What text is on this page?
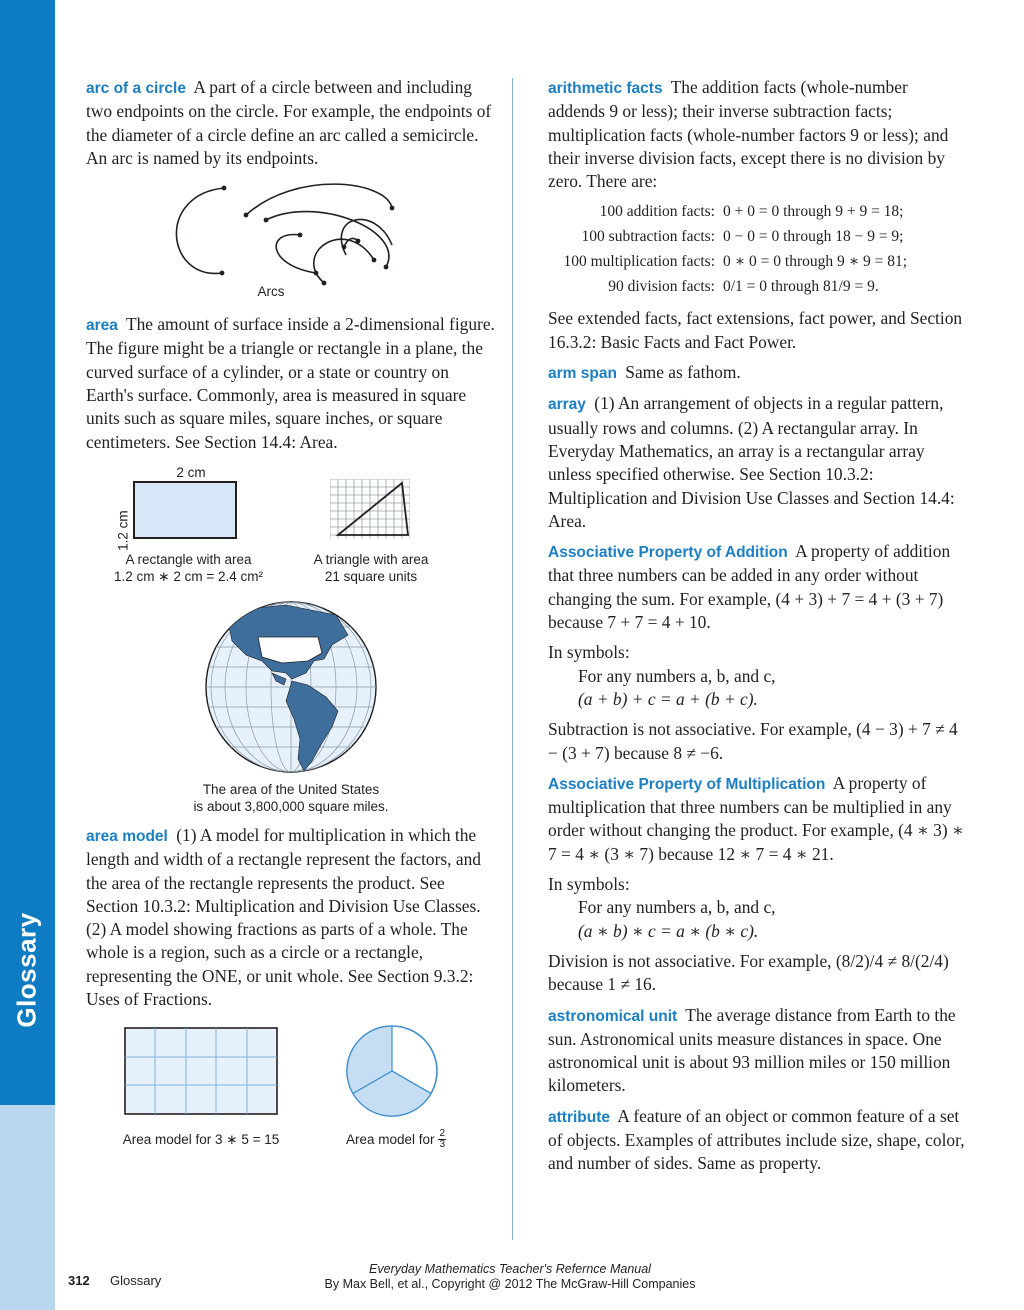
Glossary
arc of a circle A part of a circle between and including two endpoints on the circle. For example, the endpoints of the diameter of a circle define an arc called a semicircle. An arc is named by its endpoints.
Arcs
area The amount of surface inside a 2-dimensional figure. The figure might be a triangle or rectangle in a plane, the curved surface of a cylinder, or a state or country on Earth's surface. Commonly, area is measured in square units such as square miles, square inches, or square centimeters. See Section 14.4: Area.
2 cm
1.2 cm
A rectangle with area
1.2 cm ∗ 2 cm = 2.4 cm²
A triangle with area
21 square units
The area of the United States
is about 3,800,000 square miles.
area model (1) A model for multiplication in which the length and width of a rectangle represent the factors, and the area of the rectangle represents the product. See Section 10.3.2: Multiplication and Division Use Classes. (2) A model showing fractions as parts of a whole. The whole is a region, such as a circle or a rectangle, representing the ONE, or unit whole. See Section 9.3.2: Uses of Fractions.
Area model for 3 ∗ 5 = 15	Area model for $\frac{2}{3}$
arithmetic facts The addition facts (whole-number addends 9 or less); their inverse subtraction facts; multiplication facts (whole-number factors 9 or less); and their inverse division facts, except there is no division by zero. There are:
100 addition facts: 0 + 0 = 0 through 9 + 9 = 18;
100 subtraction facts: 0 − 0 = 0 through 18 − 9 = 9;
100 multiplication facts: 0 ∗ 0 = 0 through 9 ∗ 9 = 81;
90 division facts: 0/1 = 0 through 81/9 = 9.
See extended facts, fact extensions, fact power, and Section 16.3.2: Basic Facts and Fact Power.
arm span Same as fathom.
array (1) An arrangement of objects in a regular pattern, usually rows and columns. (2) A rectangular array. In Everyday Mathematics, an array is a rectangular array unless specified otherwise. See Section 10.3.2: Multiplication and Division Use Classes and Section 14.4: Area.
Associative Property of Addition A property of addition that three numbers can be added in any order without changing the sum. For example, (4 + 3) + 7 = 4 + (3 + 7) because 7 + 7 = 4 + 10.
In symbols:
For any numbers a, b, and c,
(a + b) + c = a + (b + c).
Subtraction is not associative. For example, (4 − 3) + 7 ≠ 4 − (3 + 7) because 8 ≠ −6.
Associative Property of Multiplication A property of multiplication that three numbers can be multiplied in any order without changing the product. For example, (4 ∗ 3) ∗ 7 = 4 ∗ (3 ∗ 7) because 12 ∗ 7 = 4 ∗ 21.
In symbols:
For any numbers a, b, and c,
(a ∗ b) ∗ c = a ∗ (b ∗ c).
Division is not associative. For example, (8/2)/4 ≠ 8/(2/4) because 1 ≠ 16.
astronomical unit The average distance from Earth to the sun. Astronomical units measure distances in space. One astronomical unit is about 93 million miles or 150 million kilometers.
attribute A feature of an object or common feature of a set of objects. Examples of attributes include size, shape, color, and number of sides. Same as property.
312 Glossary
Everyday Mathematics Teacher's Refernce Manual
By Max Bell, et al., Copyright @ 2012 The McGraw-Hill Companies
